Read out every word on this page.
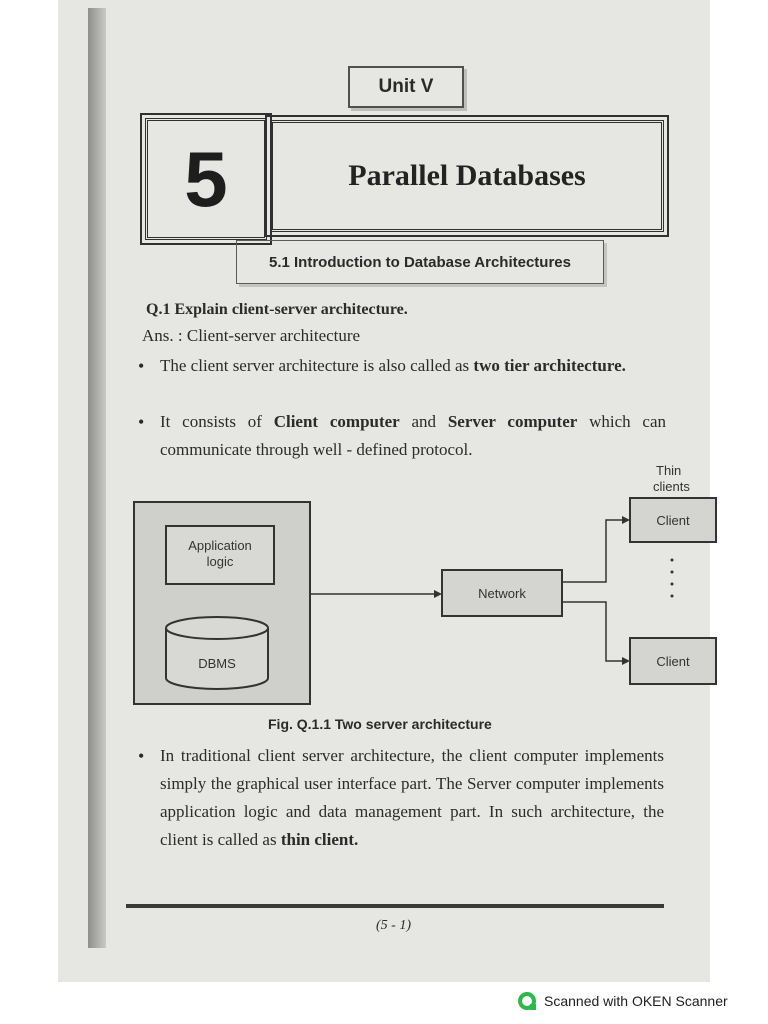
Unit V
5	Parallel Databases
5.1 Introduction to Database Architectures
Q.1 Explain client-server architecture.
Ans. : Client-server architecture
• The client server architecture is also called as two tier architecture.
• It consists of Client computer and Server computer which can communicate through well - defined protocol.
Application
logic
DBMS
Network
Thin
clients
Client
Client
Fig. Q.1.1 Two server architecture
• In traditional client server architecture, the client computer implements simply the graphical user interface part. The Server computer implements application logic and data management part. In such architecture, the client is called as thin client.
(5 - 1)
Scanned with OKEN Scanner
